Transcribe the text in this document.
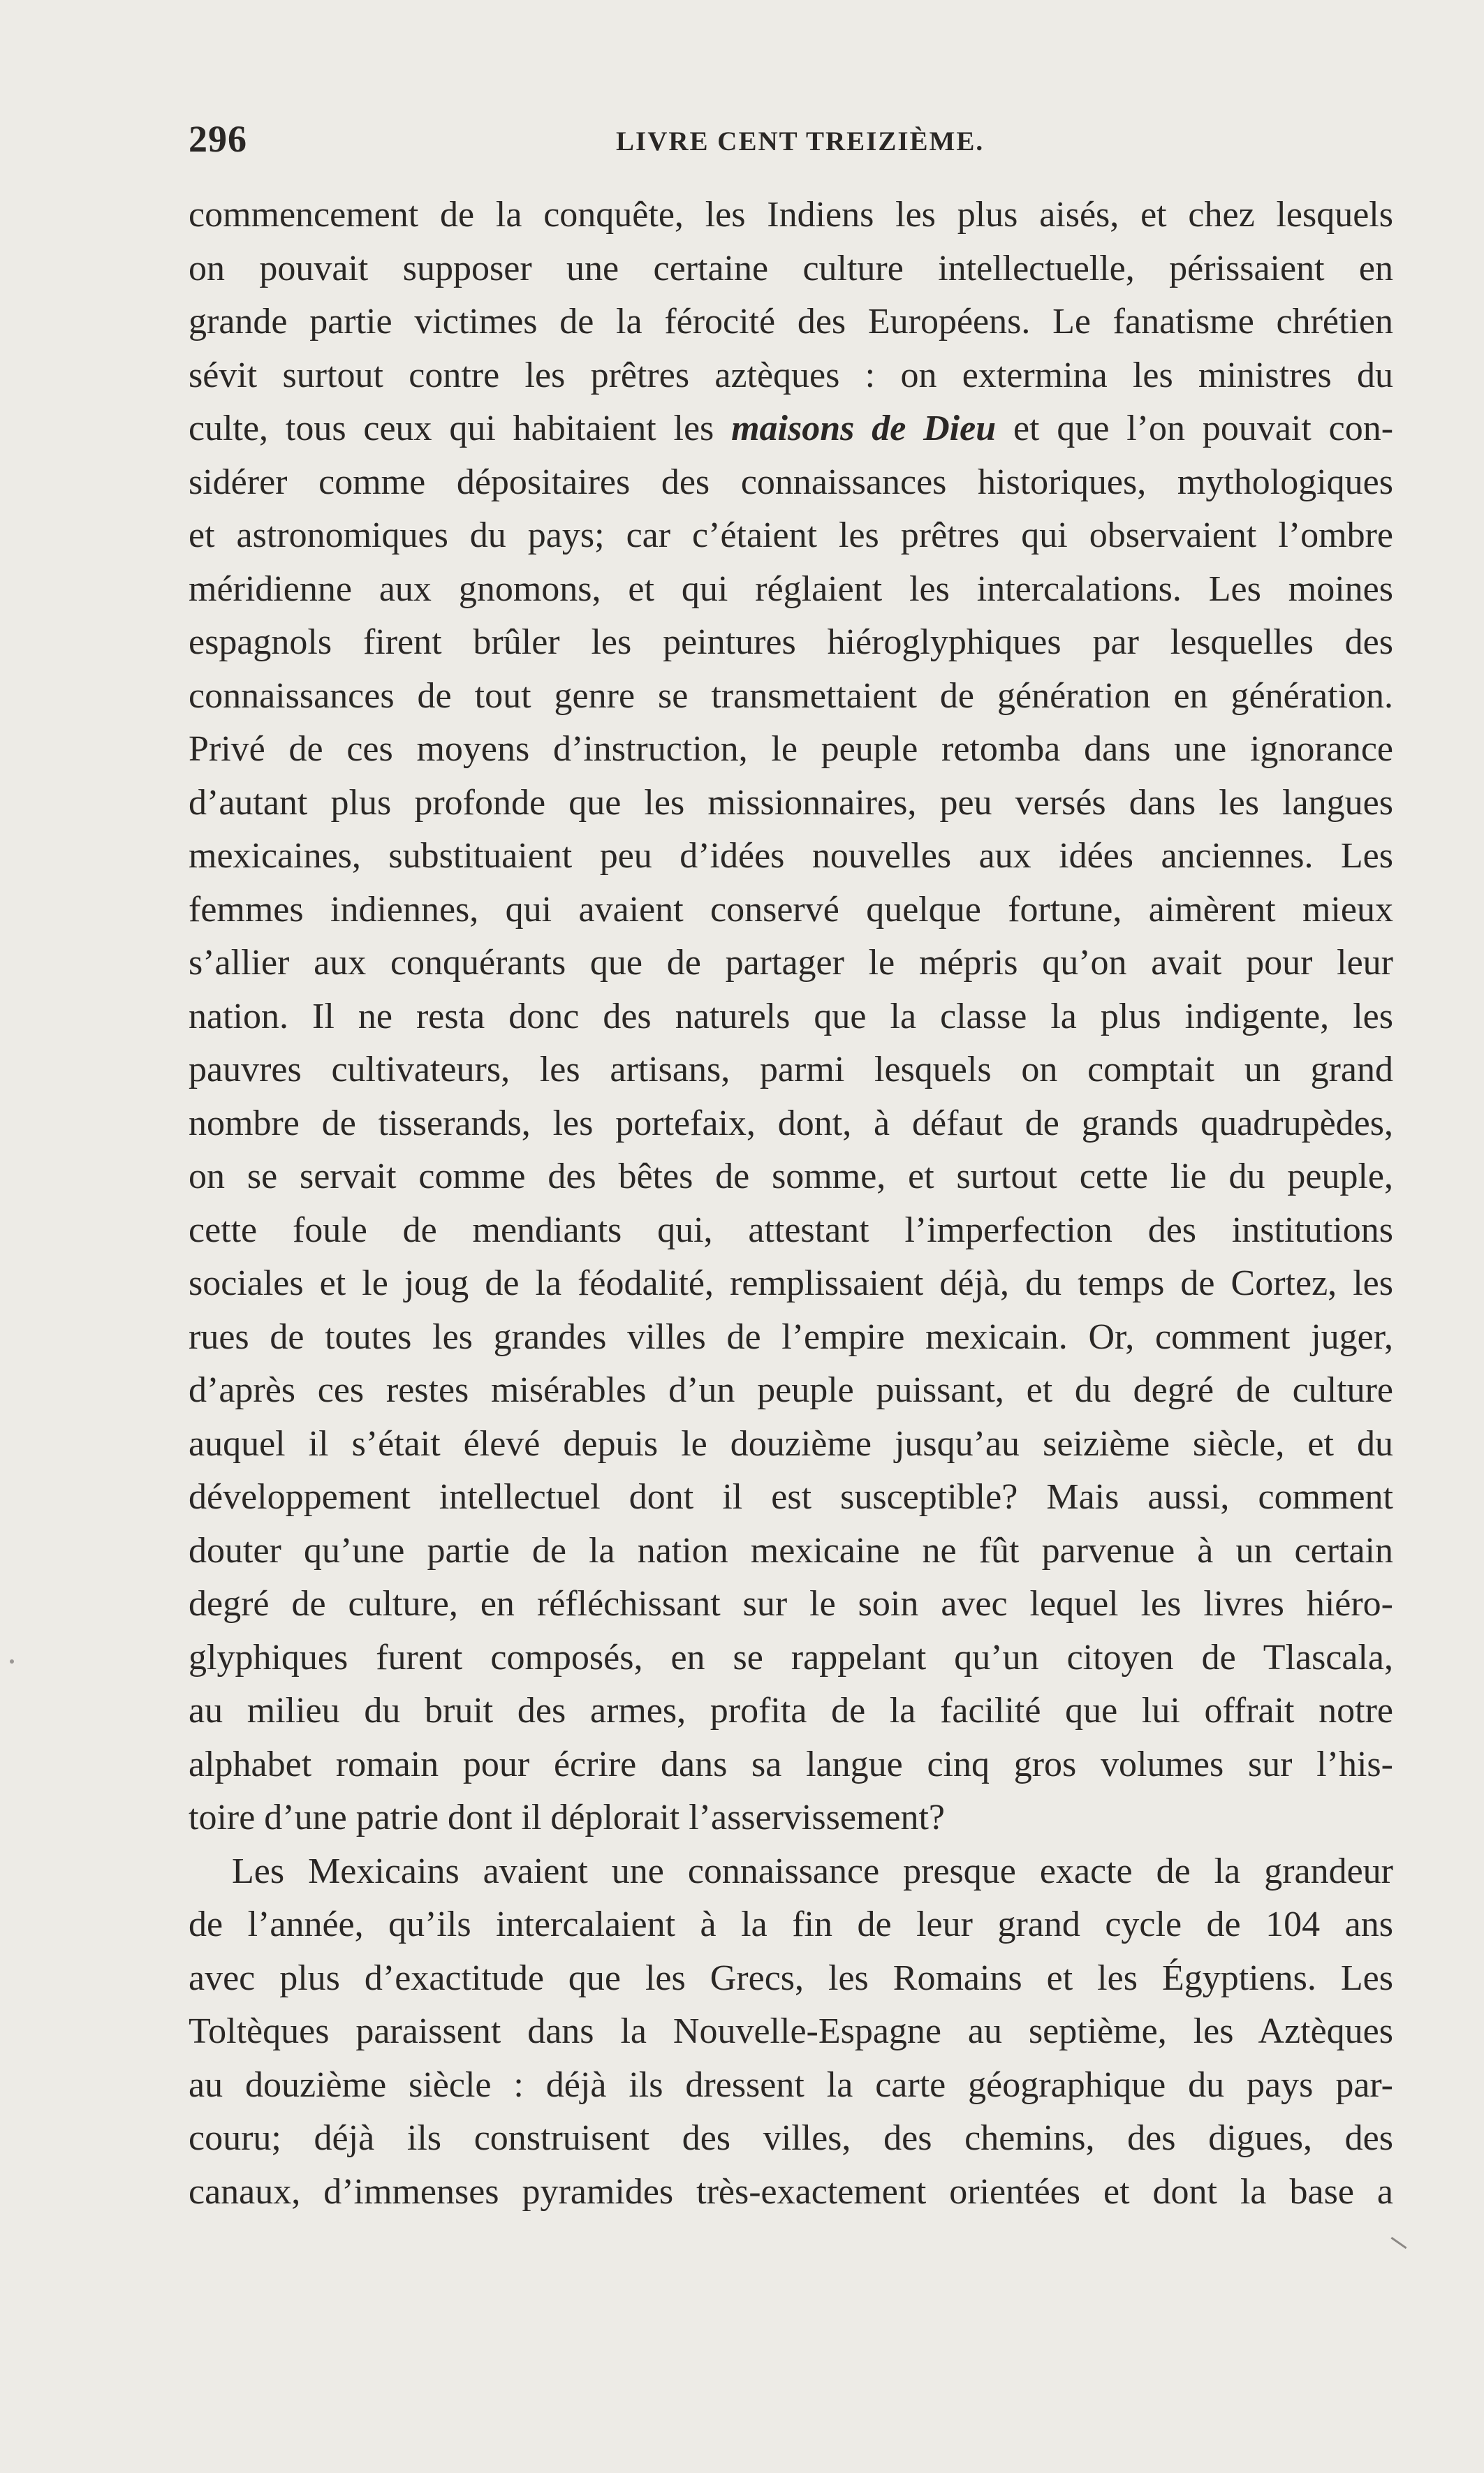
296	LIVRE CENT TREIZIÈME.
commencement de la conquête, les Indiens les plus aisés, et chez lesquels
on pouvait supposer une certaine culture intellectuelle, périssaient en
grande partie victimes de la férocité des Européens. Le fanatisme chrétien
sévit surtout contre les prêtres aztèques : on extermina les ministres du
culte, tous ceux qui habitaient les maisons de Dieu et que l’on pouvait con-
sidérer comme dépositaires des connaissances historiques, mythologiques
et astronomiques du pays; car c’étaient les prêtres qui observaient l’ombre
méridienne aux gnomons, et qui réglaient les intercalations. Les moines
espagnols firent brûler les peintures hiéroglyphiques par lesquelles des
connaissances de tout genre se transmettaient de génération en génération.
Privé de ces moyens d’instruction, le peuple retomba dans une ignorance
d’autant plus profonde que les missionnaires, peu versés dans les langues
mexicaines, substituaient peu d’idées nouvelles aux idées anciennes. Les
femmes indiennes, qui avaient conservé quelque fortune, aimèrent mieux
s’allier aux conquérants que de partager le mépris qu’on avait pour leur
nation. Il ne resta donc des naturels que la classe la plus indigente, les
pauvres cultivateurs, les artisans, parmi lesquels on comptait un grand
nombre de tisserands, les portefaix, dont, à défaut de grands quadrupèdes,
on se servait comme des bêtes de somme, et surtout cette lie du peuple,
cette foule de mendiants qui, attestant l’imperfection des institutions
sociales et le joug de la féodalité, remplissaient déjà, du temps de Cortez, les
rues de toutes les grandes villes de l’empire mexicain. Or, comment juger,
d’après ces restes misérables d’un peuple puissant, et du degré de culture
auquel il s’était élevé depuis le douzième jusqu’au seizième siècle, et du
développement intellectuel dont il est susceptible? Mais aussi, comment
douter qu’une partie de la nation mexicaine ne fût parvenue à un certain
degré de culture, en réfléchissant sur le soin avec lequel les livres hiéro-
glyphiques furent composés, en se rappelant qu’un citoyen de Tlascala,
au milieu du bruit des armes, profita de la facilité que lui offrait notre
alphabet romain pour écrire dans sa langue cinq gros volumes sur l’his-
toire d’une patrie dont il déplorait l’asservissement?
Les Mexicains avaient une connaissance presque exacte de la grandeur
de l’année, qu’ils intercalaient à la fin de leur grand cycle de 104 ans
avec plus d’exactitude que les Grecs, les Romains et les Égyptiens. Les
Toltèques paraissent dans la Nouvelle-Espagne au septième, les Aztèques
au douzième siècle : déjà ils dressent la carte géographique du pays par-
couru; déjà ils construisent des villes, des chemins, des digues, des
canaux, d’immenses pyramides très-exactement orientées et dont la base a
